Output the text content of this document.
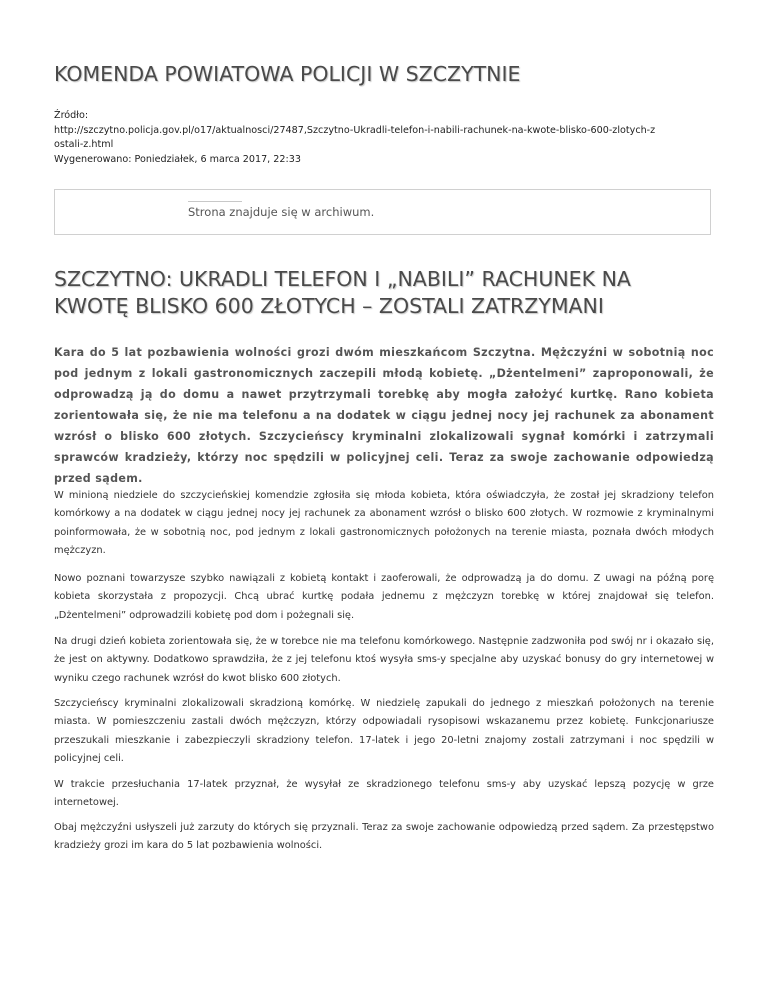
KOMENDA POWIATOWA POLICJI W SZCZYTNIE
Źródło:
http://szczytno.policja.gov.pl/o17/aktualnosci/27487,Szczytno-Ukradli-telefon-i-nabili-rachunek-na-kwote-blisko-600-zlotych-z
ostali-z.html
Wygenerowano: Poniedziałek, 6 marca 2017, 22:33
Strona znajduje się w archiwum.
SZCZYTNO: UKRADLI TELEFON I „NABILI” RACHUNEK NA KWOTĘ BLISKO 600 ZŁOTYCH – ZOSTALI ZATRZYMANI

Kara do 5 lat pozbawienia wolności grozi dwóm mieszkańcom Szczytna. Mężczyźni w sobotnią noc pod jednym z lokali gastronomicznych zaczepili młodą kobietę. „Dżentelmeni” zaproponowali, że odprowadzą ją do domu a nawet przytrzymali torebkę aby mogła założyć kurtkę. Rano kobieta zorientowała się, że nie ma telefonu a na dodatek w ciągu jednej nocy jej rachunek za abonament wzrósł o blisko 600 złotych. Szczycieńscy kryminalni zlokalizowali sygnał komórki i zatrzymali sprawców kradzieży, którzy noc spędzili w policyjnej celi. Teraz za swoje zachowanie odpowiedzą przed sądem.

W minioną niedziele do szczycieńskiej komendzie zgłosiła się młoda kobieta, która oświadczyła, że został jej skradziony telefon komórkowy a na dodatek w ciągu jednej nocy jej rachunek za abonament wzrósł o blisko 600 złotych. W rozmowie z kryminalnymi poinformowała, że w sobotnią noc, pod jednym z lokali gastronomicznych położonych na terenie miasta, poznała dwóch młodych mężczyzn.

Nowo poznani towarzysze szybko nawiązali z kobietą kontakt i zaoferowali, że odprowadzą ja do domu. Z uwagi na późną porę kobieta skorzystała z propozycji. Chcą ubrać kurtkę podała jednemu z mężczyzn torebkę w której znajdował się telefon. „Dżentelmeni” odprowadzili kobietę pod dom i pożegnali się.

Na drugi dzień kobieta zorientowała się, że w torebce nie ma telefonu komórkowego. Następnie zadzwoniła pod swój nr i okazało się, że jest on aktywny. Dodatkowo sprawdziła, że z jej telefonu ktoś wysyła sms-y specjalne aby uzyskać bonusy do gry internetowej w wyniku czego rachunek wzrósł do kwot blisko 600 złotych.

Szczycieńscy kryminalni zlokalizowali skradzioną komórkę. W niedzielę zapukali do jednego z mieszkań położonych na terenie miasta. W pomieszczeniu zastali dwóch mężczyzn, którzy odpowiadali rysopisowi wskazanemu przez kobietę. Funkcjonariusze przeszukali mieszkanie i zabezpieczyli skradziony telefon. 17-latek i jego 20-letni znajomy zostali zatrzymani i noc spędzili w policyjnej celi.

W trakcie przesłuchania 17-latek przyznał, że wysyłał ze skradzionego telefonu sms-y aby uzyskać lepszą pozycję w grze internetowej.

Obaj mężczyźni usłyszeli już zarzuty do których się przyznali. Teraz za swoje zachowanie odpowiedzą przed sądem. Za przestępstwo kradzieży grozi im kara do 5 lat pozbawienia wolności.
